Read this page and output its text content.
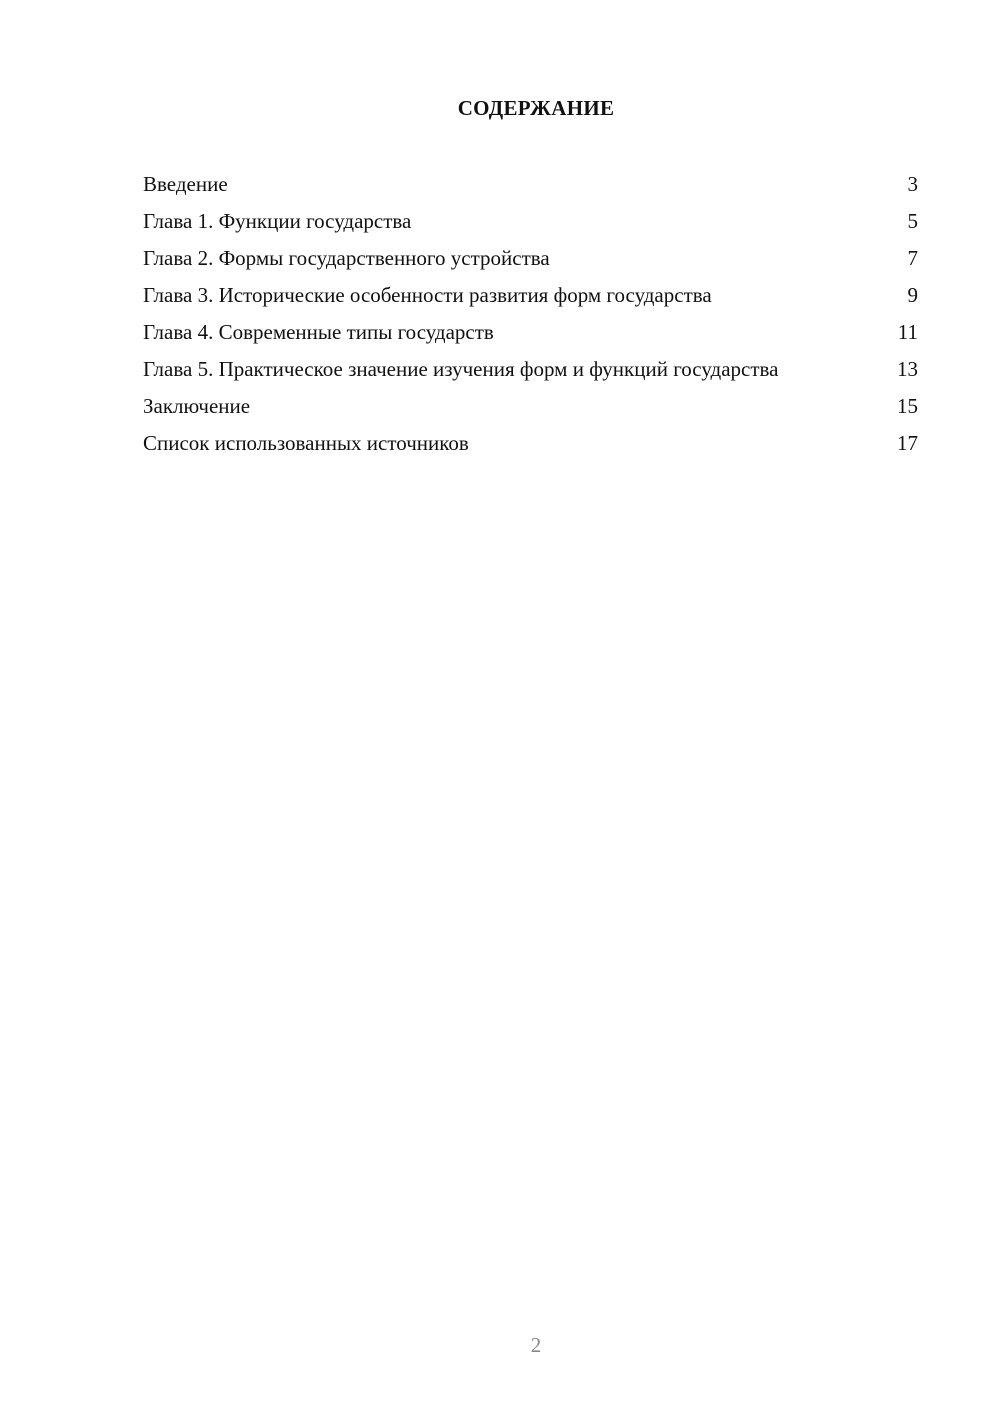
СОДЕРЖАНИЕ
Введение	3
Глава 1. Функции государства	5
Глава 2. Формы государственного устройства	7
Глава 3. Исторические особенности развития форм государства	9
Глава 4. Современные типы государств	11
Глава 5. Практическое значение изучения форм и функций государства	13
Заключение	15
Список использованных источников	17
2
